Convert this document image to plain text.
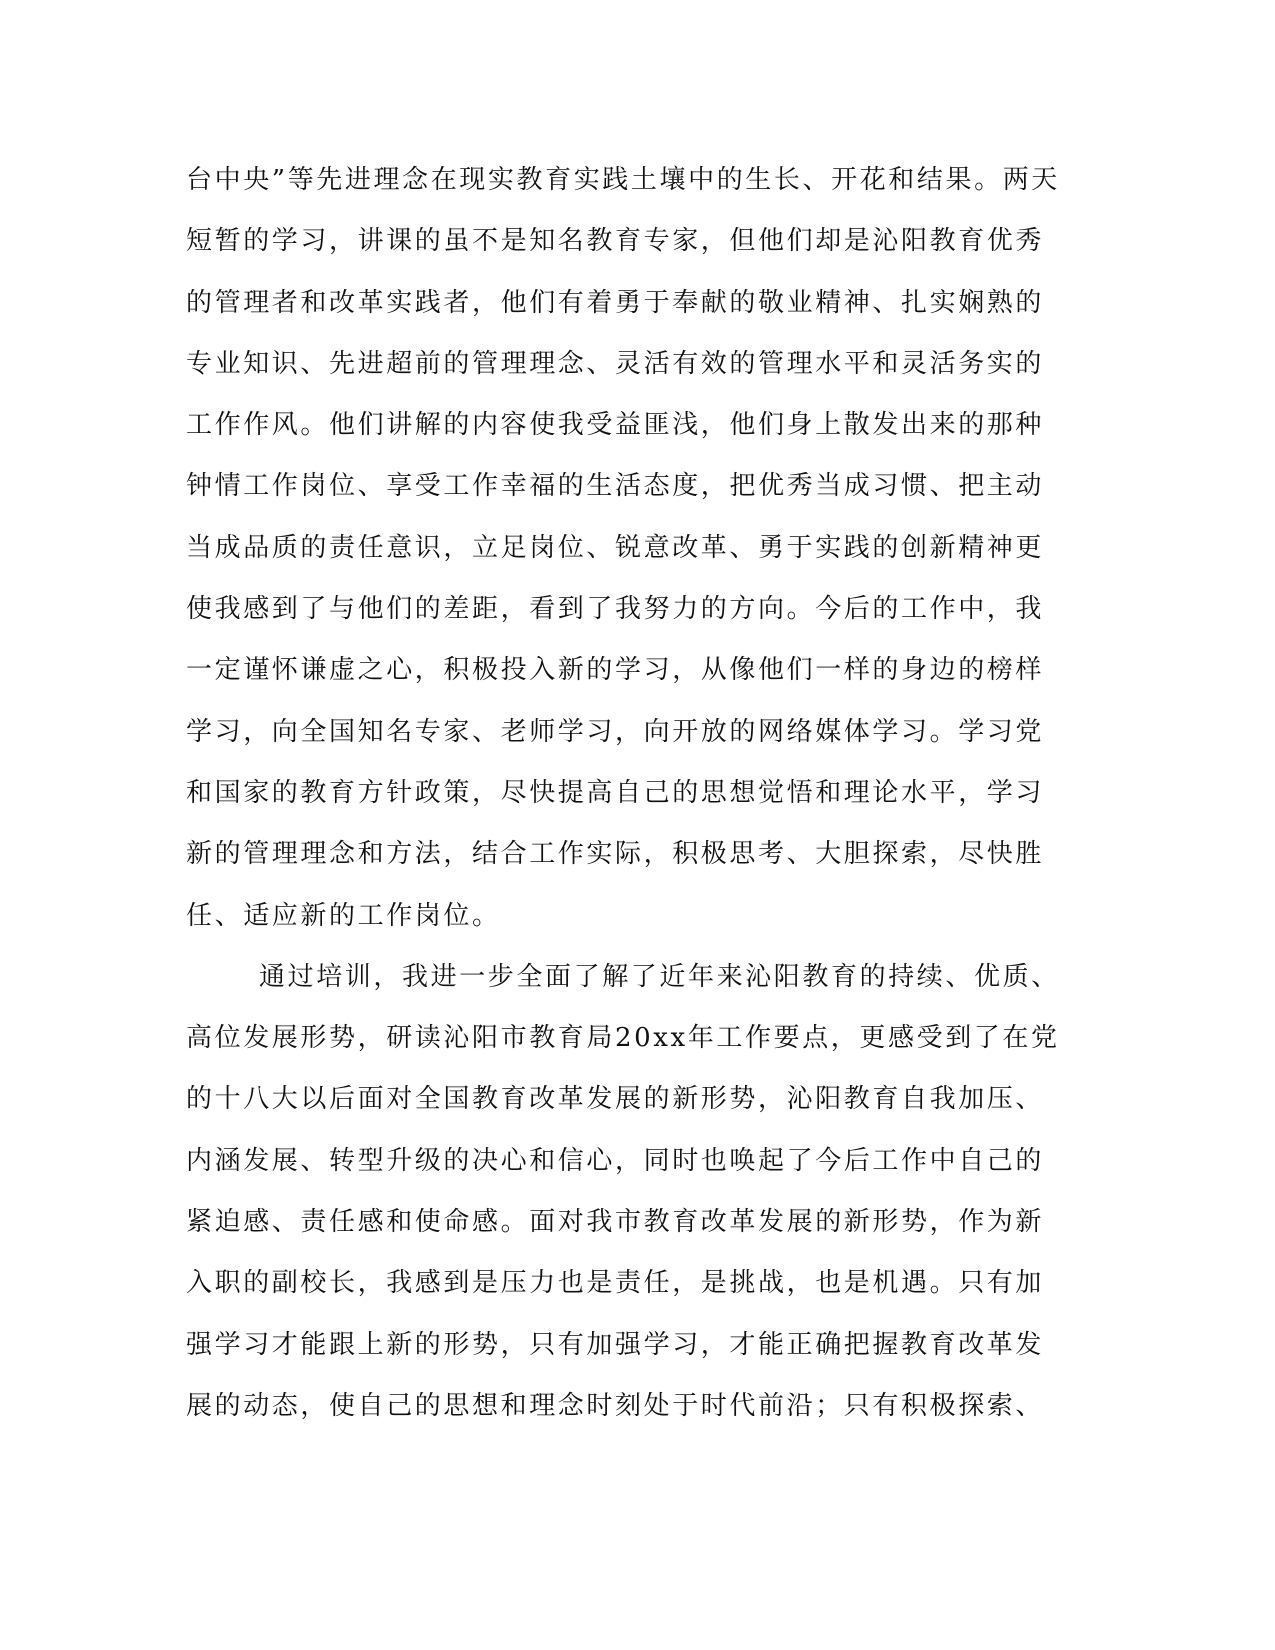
台中央”等先进理念在现实教育实践土壤中的生长、开花和结果。两天
短暂的学习，讲课的虽不是知名教育专家，但他们却是沁阳教育优秀
的管理者和改革实践者，他们有着勇于奉献的敬业精神、扎实娴熟的
专业知识、先进超前的管理理念、灵活有效的管理水平和灵活务实的
工作作风。他们讲解的内容使我受益匪浅，他们身上散发出来的那种
钟情工作岗位、享受工作幸福的生活态度，把优秀当成习惯、把主动
当成品质的责任意识，立足岗位、锐意改革、勇于实践的创新精神更
使我感到了与他们的差距，看到了我努力的方向。今后的工作中，我
一定谨怀谦虚之心，积极投入新的学习，从像他们一样的身边的榜样
学习，向全国知名专家、老师学习，向开放的网络媒体学习。学习党
和国家的教育方针政策，尽快提高自己的思想觉悟和理论水平，学习
新的管理理念和方法，结合工作实际，积极思考、大胆探索，尽快胜
任、适应新的工作岗位。
通过培训，我进一步全面了解了近年来沁阳教育的持续、优质、
高位发展形势，研读沁阳市教育局20xx年工作要点，更感受到了在党
的十八大以后面对全国教育改革发展的新形势，沁阳教育自我加压、
内涵发展、转型升级的决心和信心，同时也唤起了今后工作中自己的
紧迫感、责任感和使命感。面对我市教育改革发展的新形势，作为新
入职的副校长，我感到是压力也是责任，是挑战，也是机遇。只有加
强学习才能跟上新的形势，只有加强学习，才能正确把握教育改革发
展的动态，使自己的思想和理念时刻处于时代前沿；只有积极探索、
